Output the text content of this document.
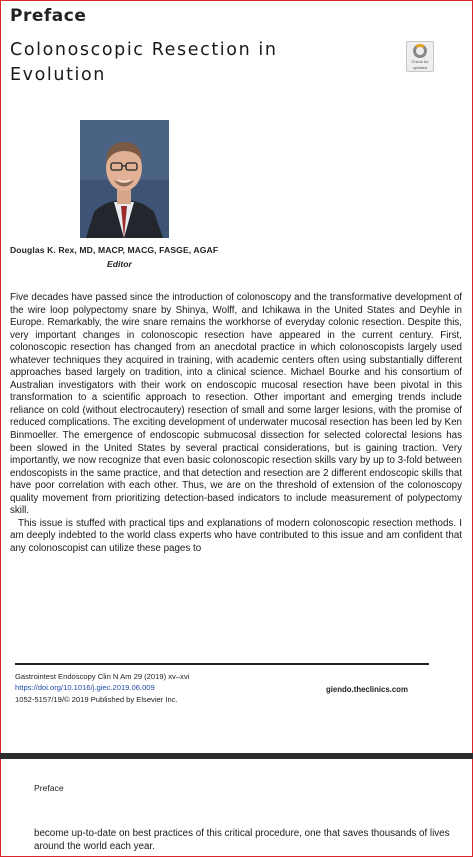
Preface
Colonoscopic Resection in
Evolution
Check for
updates
Douglas K. Rex, MD, MACP, MACG, FASGE, AGAF
Editor

Five decades have passed since the introduction of colonoscopy and the transformative development of the wire loop polypectomy snare by Shinya, Wolff, and Ichikawa in the United States and Deyhle in Europe. Remarkably, the wire snare remains the workhorse of everyday colonic resection. Despite this, very important changes in colonoscopic resection have appeared in the current century. First, colonoscopic resection has changed from an anecdotal practice in which colonoscopists largely used whatever techniques they acquired in training, with academic centers often using substantially different approaches based largely on tradition, into a clinical science. Michael Bourke and his consortium of Australian investigators with their work on endoscopic mucosal resection have been pivotal in this transformation to a scientific approach to resection. Other important and emerging trends include reliance on cold (without electrocautery) resection of small and some larger lesions, with the promise of reduced complications. The exciting development of underwater mucosal resection has been led by Ken Binmoeller. The emergence of endoscopic submucosal dissection for selected colorectal lesions has been slowed in the United States by several practical considerations, but is gaining traction. Very importantly, we now recognize that even basic colonoscopic resection skills vary by up to 3-fold between endoscopists in the same practice, and that detection and resection are 2 different endoscopic skills that have poor correlation with each other. Thus, we are on the threshold of extension of the colonoscopy quality movement from prioritizing detection-based indicators to include measurement of polypectomy skill.

This issue is stuffed with practical tips and explanations of modern colonoscopic resection methods. I am deeply indebted to the world class experts who have contributed to this issue and am confident that any colonoscopist can utilize these pages to

Gastrointest Endoscopy Clin N Am 29 (2019) xv–xvi
https://doi.org/10.1016/j.giec.2019.06.009
1052-5157/19/© 2019 Published by Elsevier Inc.
giendo.theclinics.com
Preface
become up-to-date on best practices of this critical procedure, one that saves thousands of lives around the world each year.
